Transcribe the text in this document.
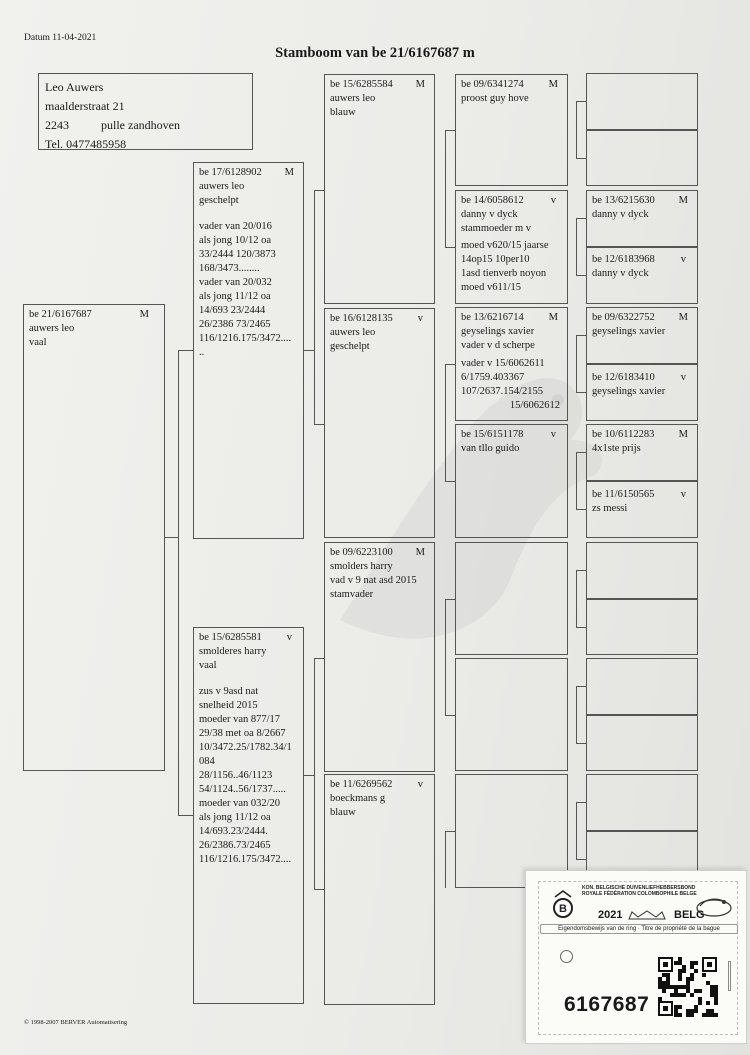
Datum 11-04-2021
Stamboom van be 21/6167687 m
Leo Auwers
maalderstraat 21
2243	pulle zandhoven
Tel. 0477485958
be 21/6167687	M
auwers leo
vaal
be 17/6128902 M
auwers leo
geschelpt
vader van 20/016
als jong 10/12 oa
33/2444 120/3873
168/3473........
vader van 20/032
als jong 11/12 oa
14/693 23/2444
26/2386 73/2465
116/1216.175/3472....
..
be 15/6285581 v
smolderes harry
vaal
zus v 9asd nat
snelheid 2015
moeder van 877/17
29/38 met oa 8/2667
10/3472.25/1782.34/1
084
28/1156..46/1123
54/1124..56/1737.....
moeder van 032/20
als jong 11/12 oa
14/693.23/2444.
26/2386.73/2465
116/1216.175/3472....
be 15/6285584 M
auwers leo
blauw
be 16/6128135 v
auwers leo
geschelpt
be 09/6223100 M
smolders harry
vad v 9 nat asd 2015
stamvader
be 11/6269562 v
boeckmans g
blauw
be 09/6341274 M
proost guy hove
be 14/6058612	v
danny v dyck
stammoeder m v
moed v620/15 jaarse
14op15 10per10
1asd tienverb noyon
moed v611/15
be 13/6216714 M
geyselings xavier
vader v d scherpe
vader v 15/6062611
6/1759.403367
107/2637.154/2155
15/6062612
be 15/6151178	v
van tllo guido
be 13/6215630 M
danny v dyck
be 12/6183968 v
danny v dyck
be 09/6322752 M
geyselings xavier
be 12/6183410 v
geyselings xavier
be 10/6112283 M
4x1ste prijs
be 11/6150565	v
zs messi
© 1998-2007 BERVER Automatisering
B
KON. BELGISCHE DUIVENLIEFHEBBERSBOND
ROYALE FÉDÉRATION COLOMBOPHILE BELGE
2021	BELG
Eigendomsbewijs van de ring · Titre de propriété de la bague
6167687
